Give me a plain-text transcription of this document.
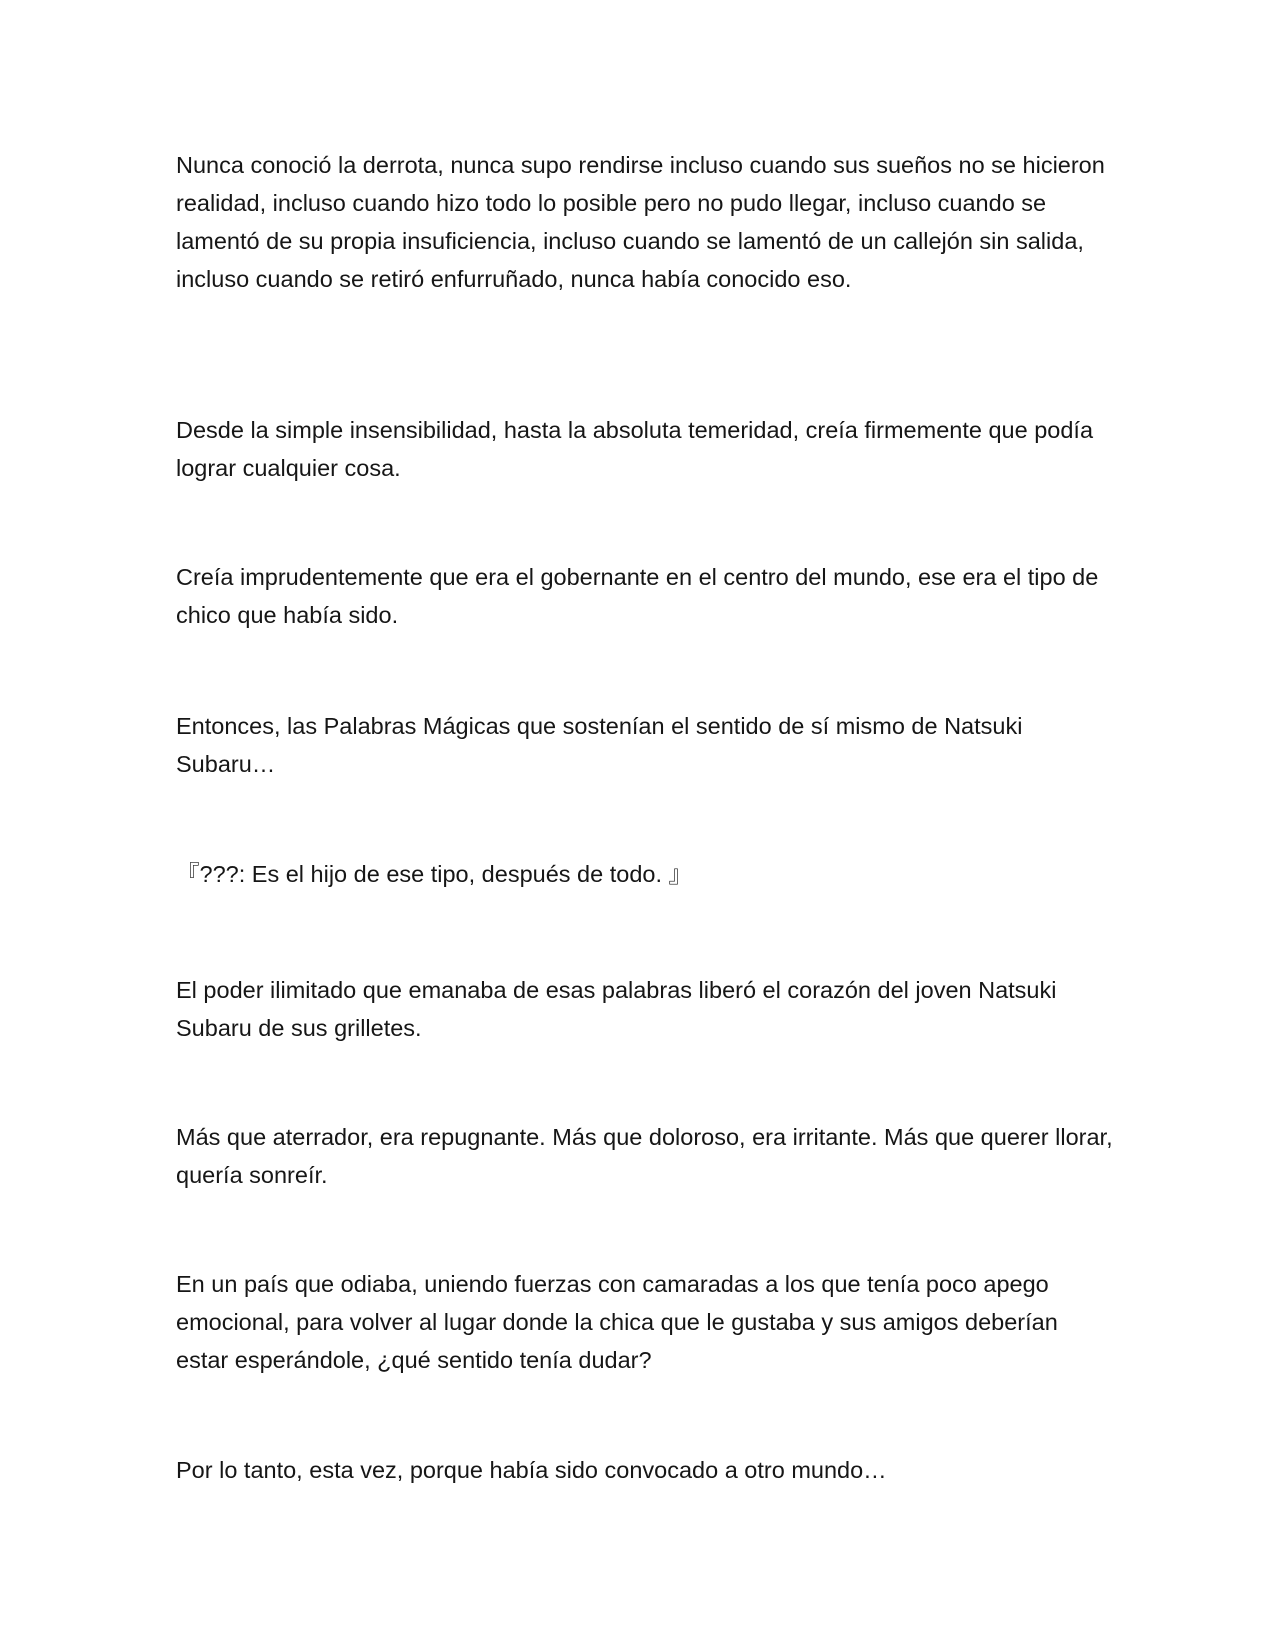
Nunca conoció la derrota, nunca supo rendirse incluso cuando sus sueños no se hicieron realidad, incluso cuando hizo todo lo posible pero no pudo llegar, incluso cuando se lamentó de su propia insuficiencia, incluso cuando se lamentó de un callejón sin salida, incluso cuando se retiró enfurruñado, nunca había conocido eso.

Desde la simple insensibilidad, hasta la absoluta temeridad, creía firmemente que podía lograr cualquier cosa.

Creía imprudentemente que era el gobernante en el centro del mundo, ese era el tipo de chico que había sido.

Entonces, las Palabras Mágicas que sostenían el sentido de sí mismo de Natsuki Subaru…

『???: Es el hijo de ese tipo, después de todo. 』

El poder ilimitado que emanaba de esas palabras liberó el corazón del joven Natsuki Subaru de sus grilletes.

Más que aterrador, era repugnante. Más que doloroso, era irritante. Más que querer llorar, quería sonreír.

En un país que odiaba, uniendo fuerzas con camaradas a los que tenía poco apego emocional, para volver al lugar donde la chica que le gustaba y sus amigos deberían estar esperándole, ¿qué sentido tenía dudar?

Por lo tanto, esta vez, porque había sido convocado a otro mundo…
